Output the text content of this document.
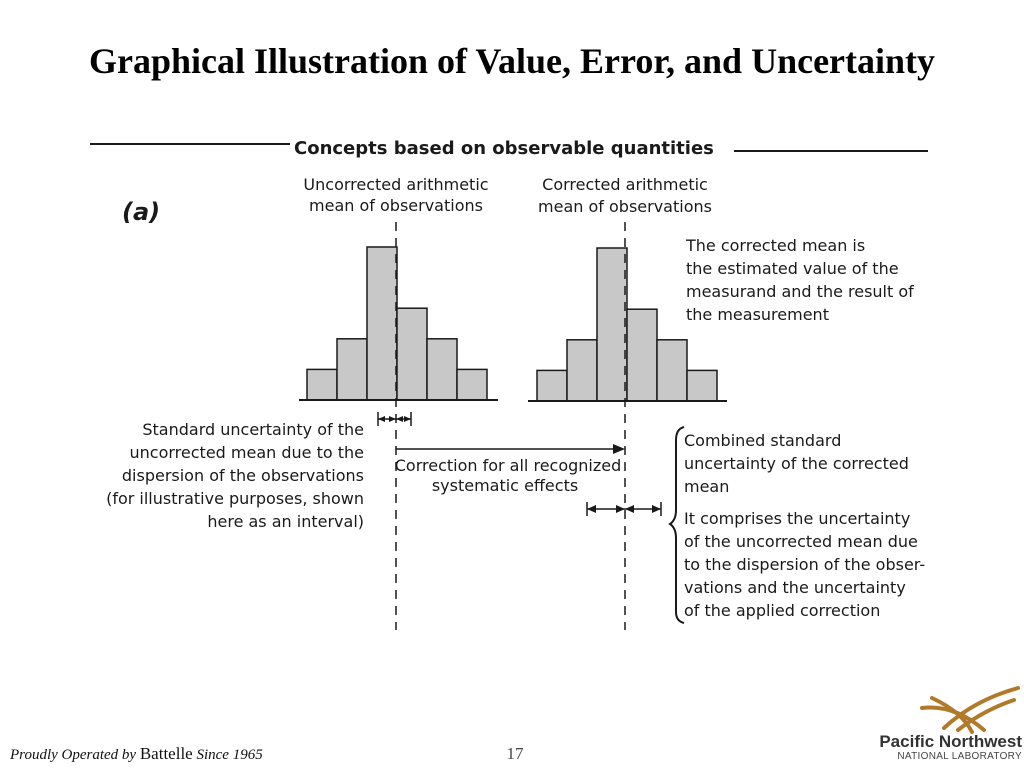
Graphical Illustration of Value, Error, and Uncertainty
Concepts based on observable quantities
(a)
Uncorrected arithmetic
mean of observations
Corrected arithmetic
mean of observations
The corrected mean is
the estimated value of the
measurand and the result of
the measurement
Standard uncertainty of the
uncorrected mean due to the
dispersion of the observations
(for illustrative purposes, shown
here as an interval)
Correction for all recognized
systematic effects
Combined standard
uncertainty of the corrected
mean
It comprises the uncertainty
of the uncorrected mean due
to the dispersion of the obser-
vations and the uncertainty
of the applied correction
Proudly Operated by Battelle Since 1965	17
Pacific Northwest
NATIONAL LABORATORY
